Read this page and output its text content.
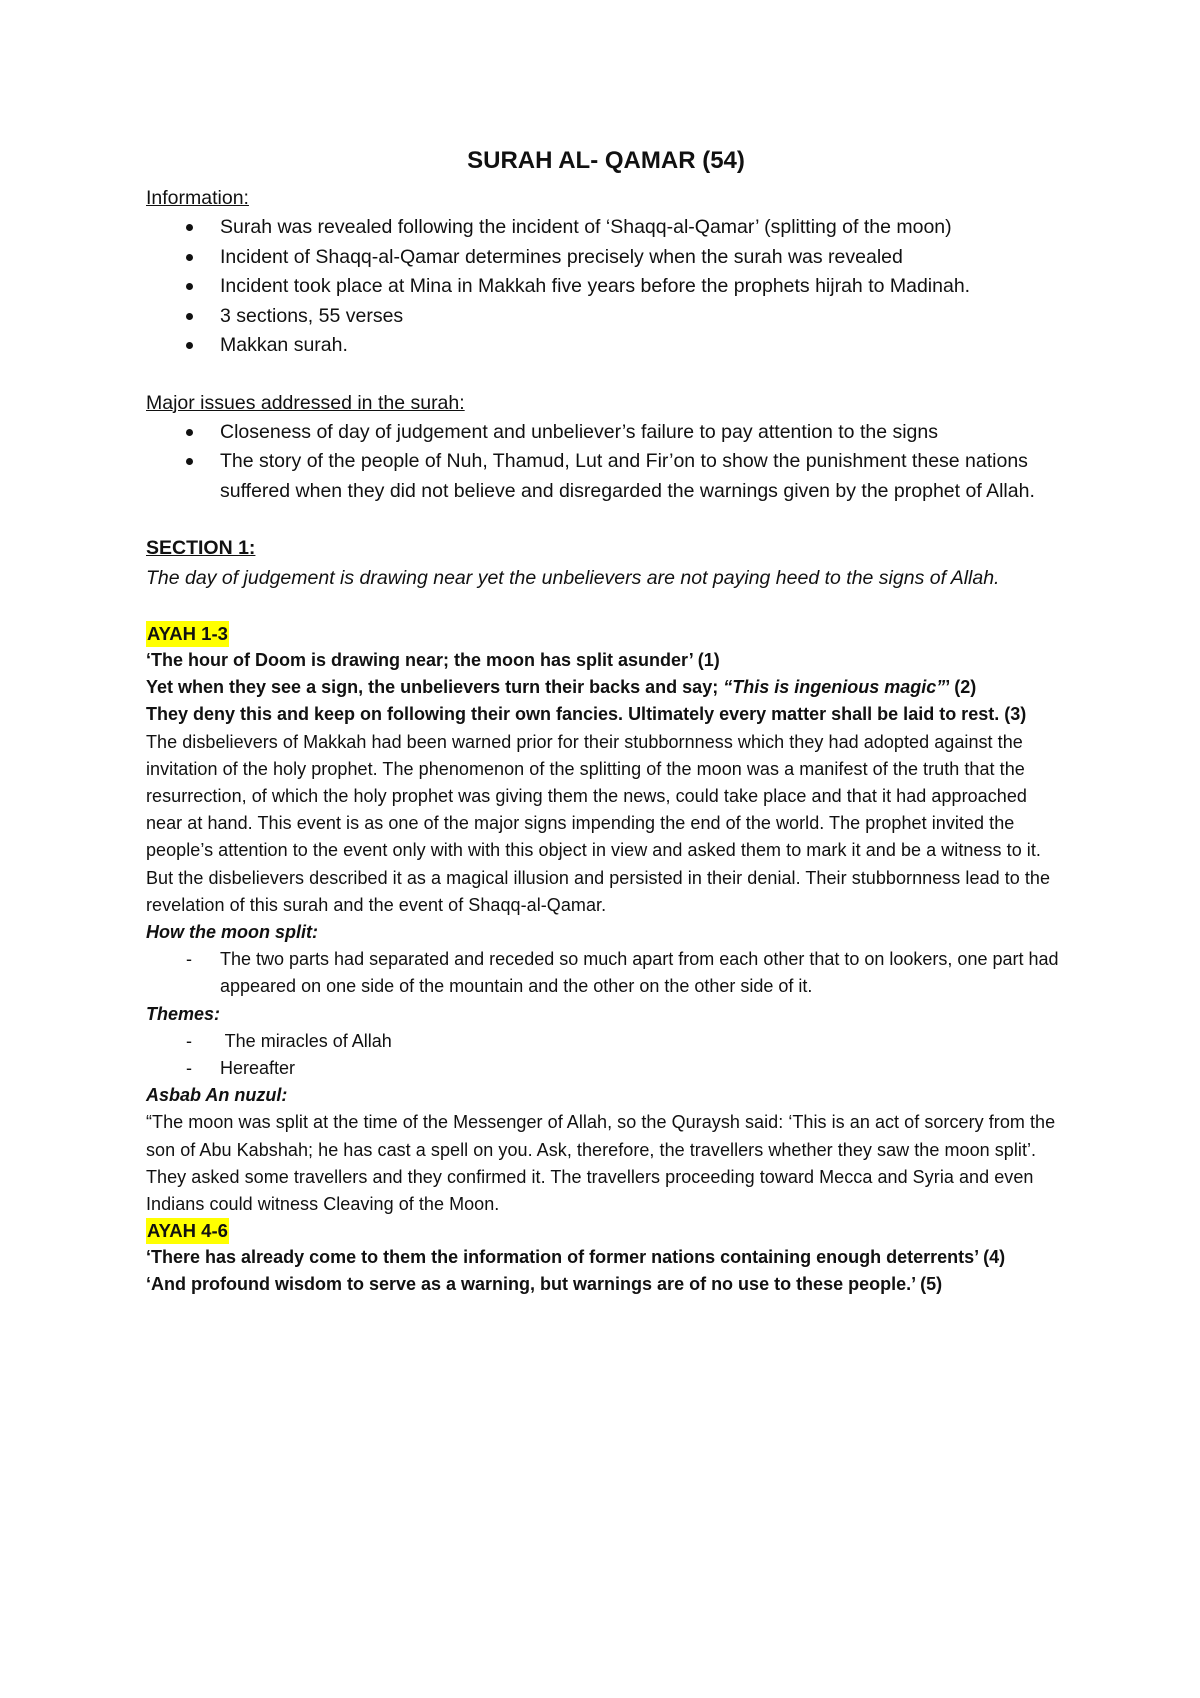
SURAH AL- QAMAR (54)

Information:

Surah was revealed following the incident of ‘Shaqq-al-Qamar’ (splitting of the moon)
Incident of Shaqq-al-Qamar determines precisely when the surah was revealed
Incident took place at Mina in Makkah five years before the prophets hijrah to Madinah.
3 sections, 55 verses
Makkan surah.

Major issues addressed in the surah:

Closeness of day of judgement and unbeliever’s failure to pay attention to the signs
The story of the people of Nuh, Thamud, Lut and Fir’on to show the punishment these nations suffered when they did not believe and disregarded the warnings given by the prophet of Allah.

SECTION 1:

The day of judgement is drawing near yet the unbelievers are not paying heed to the signs of Allah.

AYAH 1-3

‘The hour of Doom is drawing near; the moon has split asunder’ (1)

Yet when they see a sign, the unbelievers turn their backs and say; “This is ingenious magic”’ (2)

They deny this and keep on following their own fancies. Ultimately every matter shall be laid to rest. (3)

The disbelievers of Makkah had been warned prior for their stubbornness which they had adopted against the invitation of the holy prophet. The phenomenon of the splitting of the moon was a manifest of the truth that the resurrection, of which the holy prophet was giving them the news, could take place and that it had approached near at hand. This event is as one of the major signs impending the end of the world. The prophet invited the people’s attention to the event only with with this object in view and asked them to mark it and be a witness to it. But the disbelievers described it as a magical illusion and persisted in their denial. Their stubbornness lead to the revelation of this surah and the event of Shaqq-al-Qamar.

How the moon split:

- The two parts had separated and receded so much apart from each other that to on lookers, one part had appeared on one side of the mountain and the other on the other side of it.

Themes:

-  The miracles of Allah
- Hereafter

Asbab An nuzul:

“The moon was split at the time of the Messenger of Allah, so the Quraysh said: ‘This is an act of sorcery from the son of Abu Kabshah; he has cast a spell on you. Ask, therefore, the travellers whether they saw the moon split’. They asked some travellers and they confirmed it. The travellers proceeding toward Mecca and Syria and even Indians could witness Cleaving of the Moon.

AYAH 4-6

‘There has already come to them the information of former nations containing enough deterrents’ (4)

‘And profound wisdom to serve as a warning, but warnings are of no use to these people.’ (5)
